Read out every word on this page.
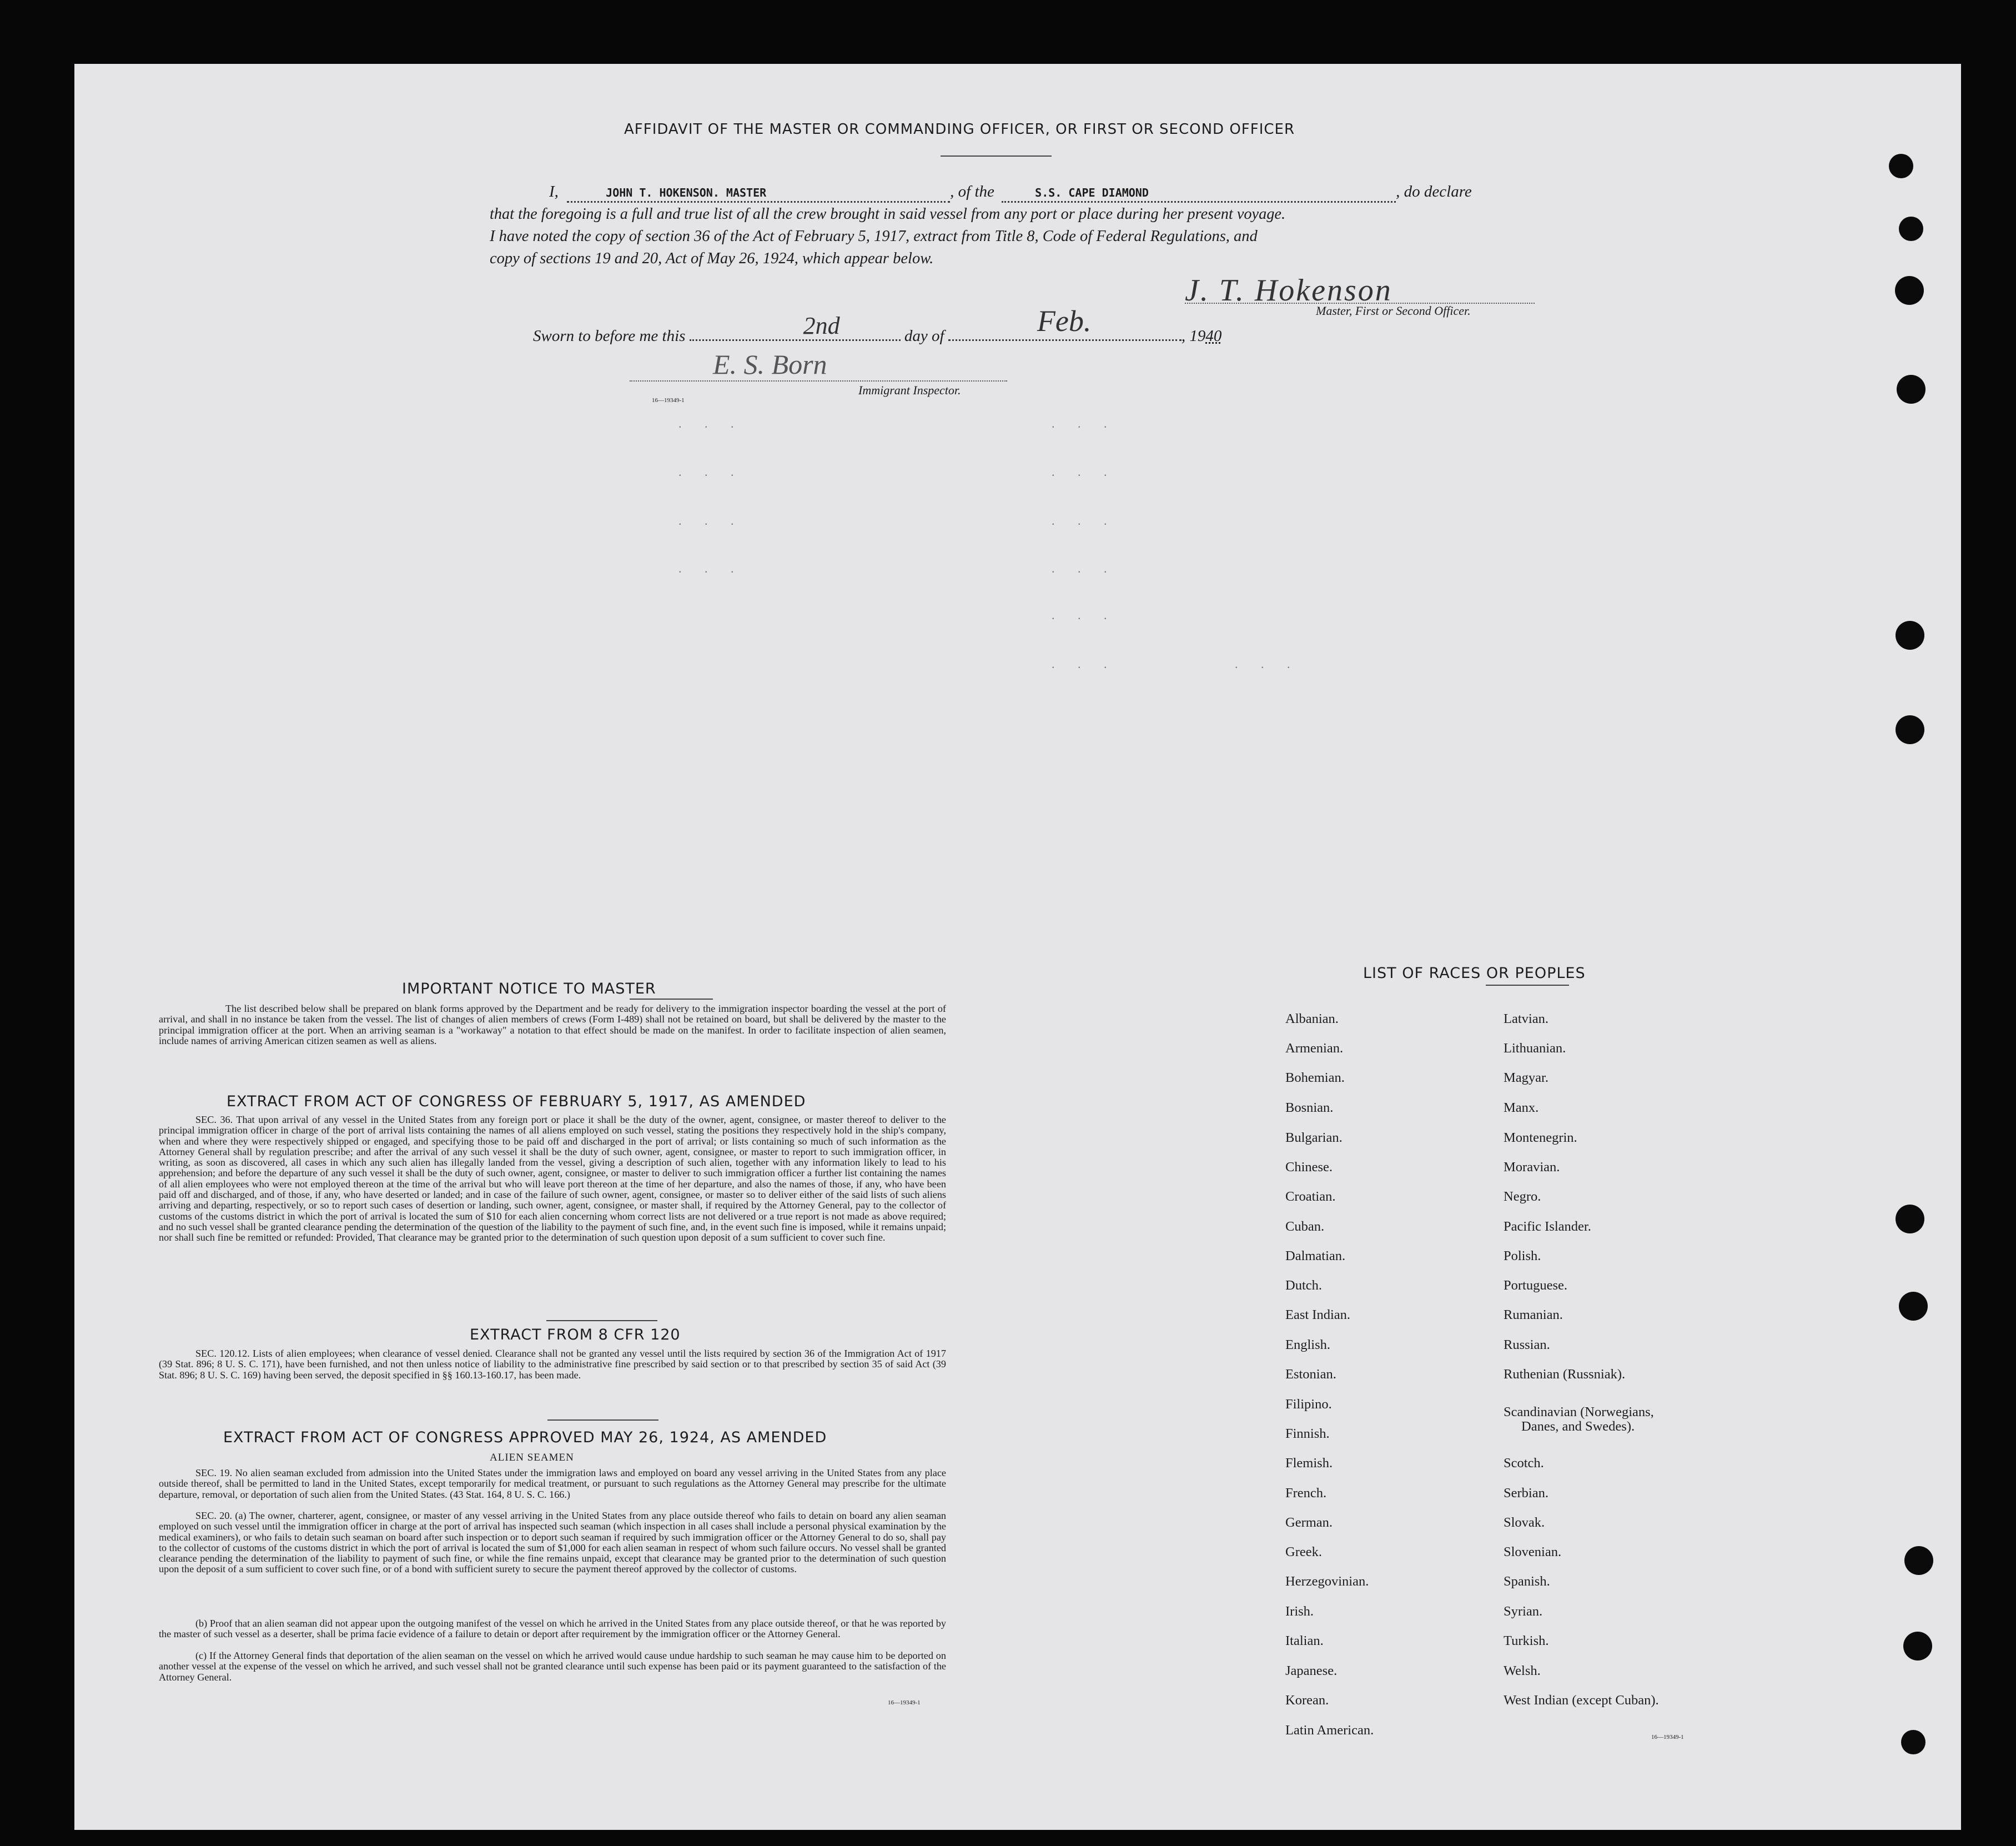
AFFIDAVIT OF THE MASTER OR COMMANDING OFFICER, OR FIRST OR SECOND OFFICER
I,	JOHN T. HOKENSON. MASTER	, of the	S.S. CAPE DIAMOND	, do declare
that the foregoing is a full and true list of all the crew brought in said vessel from any port or place during her present voyage.
I have noted the copy of section 36 of the Act of February 5, 1917, extract from Title 8, Code of Federal Regulations, and
copy of sections 19 and 20, Act of May 26, 1924, which appear below.
J. T. Hokenson
Master, First or Second Officer.
Sworn to before me this	2nd	day of	Feb.	, 1940
E. S. Born
Immigrant Inspector.
16—19349-1
. . .
. . .
. . .
. . .
. . .
. . .
. . .
. . .
. . .
. . .	. . .
IMPORTANT NOTICE TO MASTER
The list described below shall be prepared on blank forms approved by the Department and be ready for delivery to the immigration inspector boarding the vessel at the port of arrival, and shall in no instance be taken from the vessel. The list of changes of alien members of crews (Form I-489) shall not be retained on board, but shall be delivered by the master to the principal immigration officer at the port. When an arriving seaman is a "workaway" a notation to that effect should be made on the manifest. In order to facilitate inspection of alien seamen, include names of arriving American citizen seamen as well as aliens.
EXTRACT FROM ACT OF CONGRESS OF FEBRUARY 5, 1917, AS AMENDED
SEC. 36. That upon arrival of any vessel in the United States from any foreign port or place it shall be the duty of the owner, agent, consignee, or master thereof to deliver to the principal immigration officer in charge of the port of arrival lists containing the names of all aliens employed on such vessel, stating the positions they respectively hold in the ship's company, when and where they were respectively shipped or engaged, and specifying those to be paid off and discharged in the port of arrival; or lists containing so much of such information as the Attorney General shall by regulation prescribe; and after the arrival of any such vessel it shall be the duty of such owner, agent, consignee, or master to report to such immigration officer, in writing, as soon as discovered, all cases in which any such alien has illegally landed from the vessel, giving a description of such alien, together with any information likely to lead to his apprehension; and before the departure of any such vessel it shall be the duty of such owner, agent, consignee, or master to deliver to such immigration officer a further list containing the names of all alien employees who were not employed thereon at the time of the arrival but who will leave port thereon at the time of her departure, and also the names of those, if any, who have been paid off and discharged, and of those, if any, who have deserted or landed; and in case of the failure of such owner, agent, consignee, or master so to deliver either of the said lists of such aliens arriving and departing, respectively, or so to report such cases of desertion or landing, such owner, agent, consignee, or master shall, if required by the Attorney General, pay to the collector of customs of the customs district in which the port of arrival is located the sum of $10 for each alien concerning whom correct lists are not delivered or a true report is not made as above required; and no such vessel shall be granted clearance pending the determination of the question of the liability to the payment of such fine, and, in the event such fine is imposed, while it remains unpaid; nor shall such fine be remitted or refunded: Provided, That clearance may be granted prior to the determination of such question upon deposit of a sum sufficient to cover such fine.
EXTRACT FROM 8 CFR 120
SEC. 120.12. Lists of alien employees; when clearance of vessel denied. Clearance shall not be granted any vessel until the lists required by section 36 of the Immigration Act of 1917 (39 Stat. 896; 8 U. S. C. 171), have been furnished, and not then unless notice of liability to the administrative fine prescribed by said section or to that prescribed by section 35 of said Act (39 Stat. 896; 8 U. S. C. 169) having been served, the deposit specified in §§ 160.13-160.17, has been made.
EXTRACT FROM ACT OF CONGRESS APPROVED MAY 26, 1924, AS AMENDED
ALIEN SEAMEN
SEC. 19. No alien seaman excluded from admission into the United States under the immigration laws and employed on board any vessel arriving in the United States from any place outside thereof, shall be permitted to land in the United States, except temporarily for medical treatment, or pursuant to such regulations as the Attorney General may prescribe for the ultimate departure, removal, or deportation of such alien from the United States. (43 Stat. 164, 8 U. S. C. 166.)
SEC. 20. (a) The owner, charterer, agent, consignee, or master of any vessel arriving in the United States from any place outside thereof who fails to detain on board any alien seaman employed on such vessel until the immigration officer in charge at the port of arrival has inspected such seaman (which inspection in all cases shall include a personal physical examination by the medical examiners), or who fails to detain such seaman on board after such inspection or to deport such seaman if required by such immigration officer or the Attorney General to do so, shall pay to the collector of customs of the customs district in which the port of arrival is located the sum of $1,000 for each alien seaman in respect of whom such failure occurs. No vessel shall be granted clearance pending the determination of the liability to payment of such fine, or while the fine remains unpaid, except that clearance may be granted prior to the determination of such question upon the deposit of a sum sufficient to cover such fine, or of a bond with sufficient surety to secure the payment thereof approved by the collector of customs.
(b) Proof that an alien seaman did not appear upon the outgoing manifest of the vessel on which he arrived in the United States from any place outside thereof, or that he was reported by the master of such vessel as a deserter, shall be prima facie evidence of a failure to detain or deport after requirement by the immigration officer or the Attorney General.
(c) If the Attorney General finds that deportation of the alien seaman on the vessel on which he arrived would cause undue hardship to such seaman he may cause him to be deported on another vessel at the expense of the vessel on which he arrived, and such vessel shall not be granted clearance until such expense has been paid or its payment guaranteed to the satisfaction of the Attorney General.
16—19349-1
LIST OF RACES OR PEOPLES
Albanian.
Armenian.
Bohemian.
Bosnian.
Bulgarian.
Chinese.
Croatian.
Cuban.
Dalmatian.
Dutch.
East Indian.
English.
Estonian.
Filipino.
Finnish.
Flemish.
French.
German.
Greek.
Herzegovinian.
Irish.
Italian.
Japanese.
Korean.
Latin American.
Latvian.
Lithuanian.
Magyar.
Manx.
Montenegrin.
Moravian.
Negro.
Pacific Islander.
Polish.
Portuguese.
Rumanian.
Russian.
Ruthenian (Russniak).
Scandinavian (Norwegians,
Danes, and Swedes).
Scotch.
Serbian.
Slovak.
Slovenian.
Spanish.
Syrian.
Turkish.
Welsh.
West Indian (except Cuban).
16—19349-1
